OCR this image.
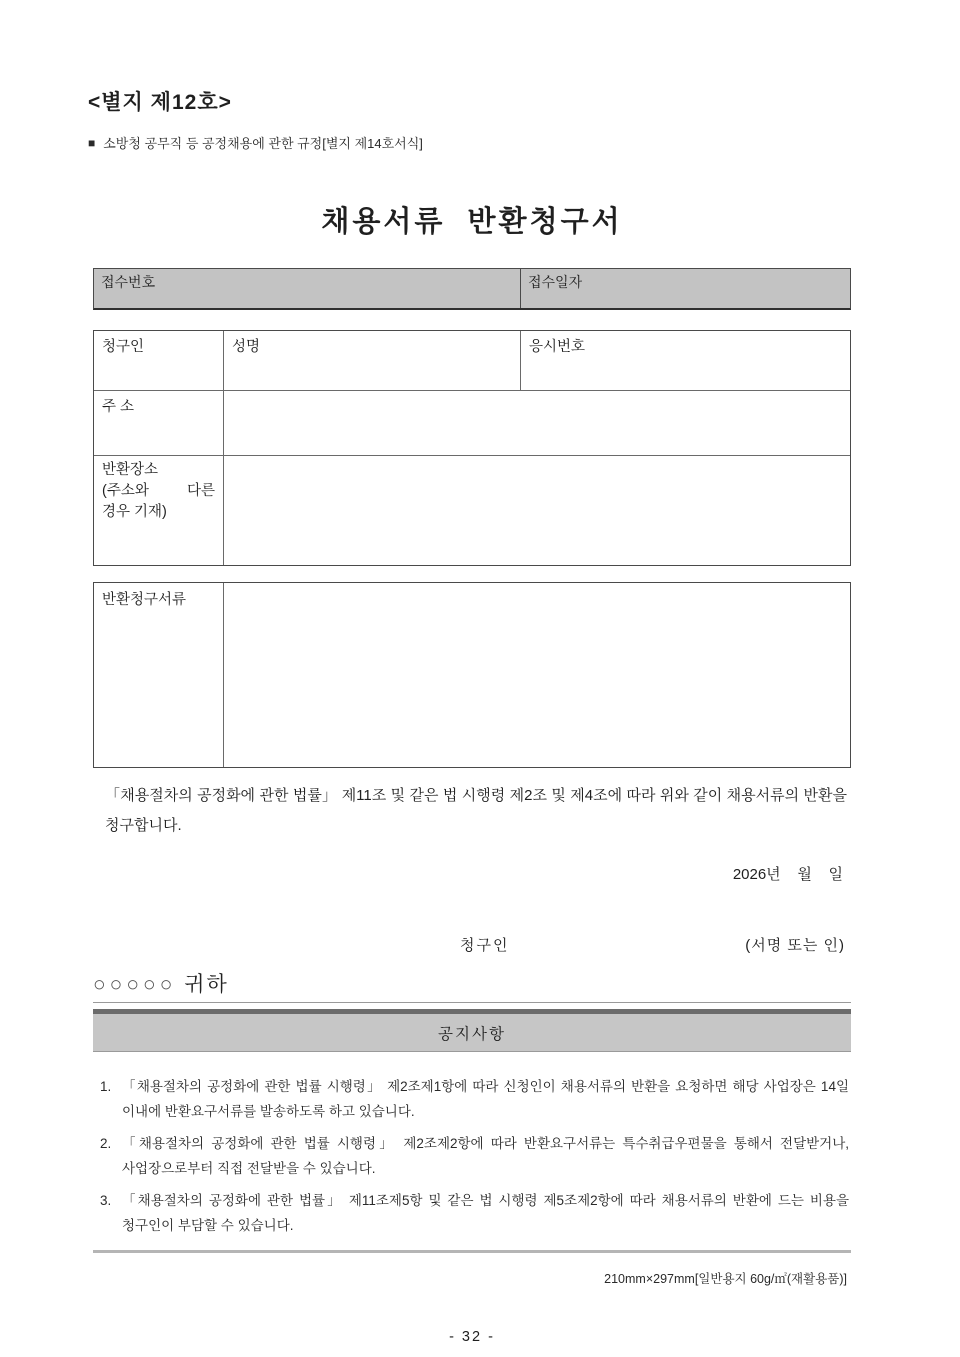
<별지 제12호>
■ 소방청 공무직 등 공정채용에 관한 규정[별지 제14호서식]
채용서류  반환청구서
접수번호	접수일자
청구인	성명	응시번호
주 소
반환장소
(주소와 다른
경우 기재)
반환청구서류

「채용절차의 공정화에 관한 법률」 제11조 및 같은 법 시행령 제2조 및 제4조에 따라 위와 같이 채용서류의 반환을 청구합니다.

2026년    월    일
청구인	(서명 또는 인)
○○○○○ 귀하
공지사항
1. 「채용절차의 공정화에 관한 법률 시행령」 제2조제1항에 따라 신청인이 채용서류의 반환을 요청하면 해당 사업장은 14일 이내에 반환요구서류를 발송하도록 하고 있습니다.
2. 「채용절차의 공정화에 관한 법률 시행령」 제2조제2항에 따라 반환요구서류는 특수취급우편물을 통해서 전달받거나, 사업장으로부터 직접 전달받을 수 있습니다.
3. 「채용절차의 공정화에 관한 법률」 제11조제5항 및 같은 법 시행령 제5조제2항에 따라 채용서류의 반환에 드는 비용을 청구인이 부담할 수 있습니다.
210mm×297mm[일반용지 60g/㎡(재활용품)]
- 32 -
